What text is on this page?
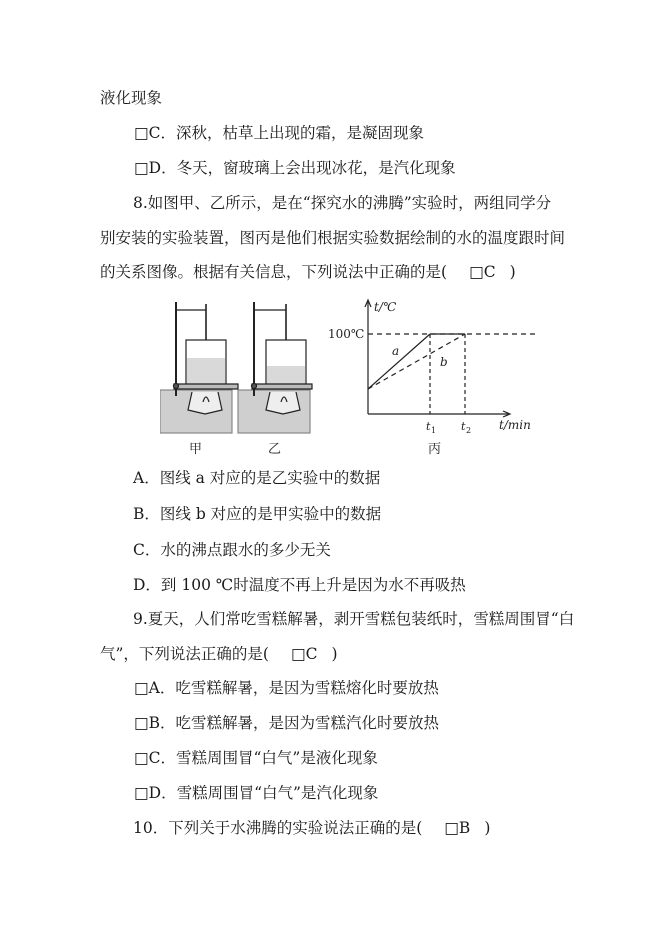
液化现象
□C．深秋，枯草上出现的霜，是凝固现象
□D．冬天，窗玻璃上会出现冰花，是汽化现象
8.如图甲、乙所示，是在“探究水的沸腾”实验时，两组同学分
别安装的实验装置，图丙是他们根据实验数据绘制的水的温度跟时间
的关系图像。根据有关信息，下列说法中正确的是( □C )
甲	乙
t/℃
100℃
a
b
t 1 t 2 t/min
丙
A．图线 a 对应的是乙实验中的数据
B．图线 b 对应的是甲实验中的数据
C．水的沸点跟水的多少无关
D．到 100 ℃时温度不再上升是因为水不再吸热
9.夏天，人们常吃雪糕解暑，剥开雪糕包装纸时，雪糕周围冒“白
气”，下列说法正确的是( □C )
□A．吃雪糕解暑，是因为雪糕熔化时要放热
□B．吃雪糕解暑，是因为雪糕汽化时要放热
□C．雪糕周围冒“白气”是液化现象
□D．雪糕周围冒“白气”是汽化现象
10．下列关于水沸腾的实验说法正确的是( □B )
